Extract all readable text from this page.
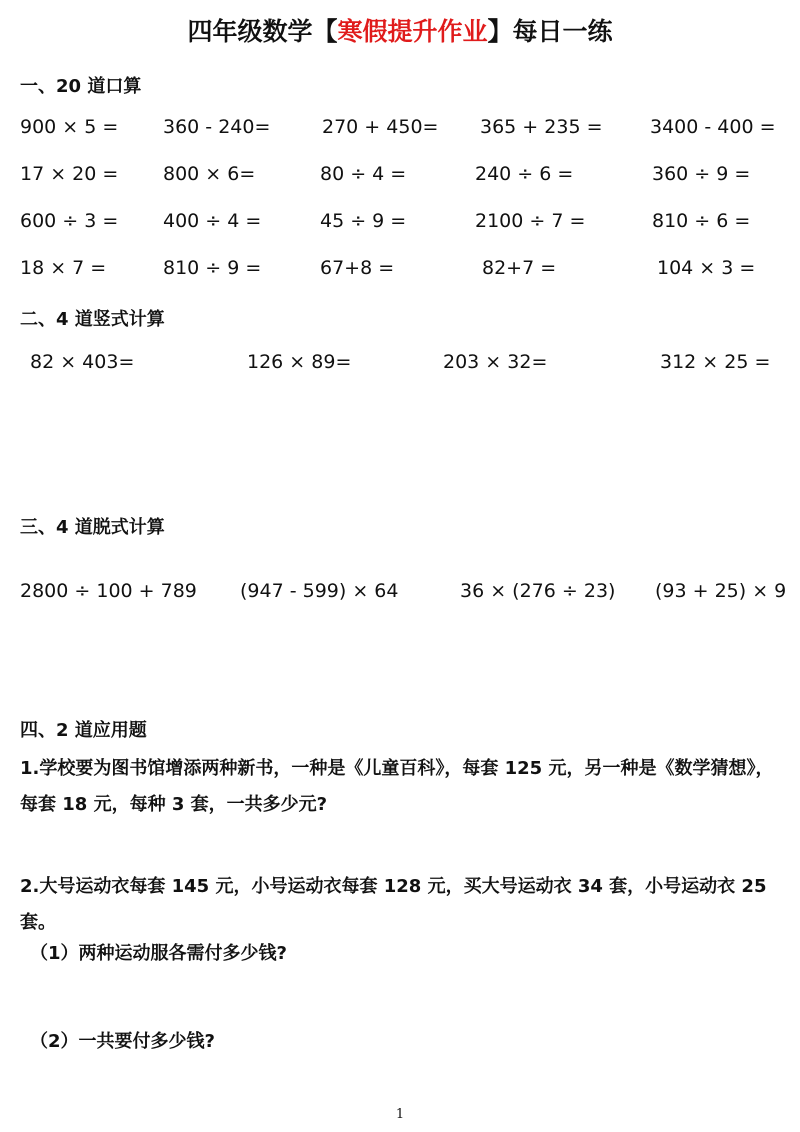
四年级数学【寒假提升作业】每日一练
一、20 道口算
900 × 5 = 360 - 240=	270 + 450= 365 + 235 =	3400 - 400 =
17 × 20 = 800 × 6=	80 ÷ 4 =	240 ÷ 6 =	360 ÷ 9 =
600 ÷ 3 = 400 ÷ 4 =	45 ÷ 9 =	2100 ÷ 7 =	810 ÷ 6 =
18 × 7 =	810 ÷ 9 =	67+8 =	82+7 =	104 × 3 =
二、4 道竖式计算
82 × 403=	126 × 89=	203 × 32=	312 × 25 =
三、4 道脱式计算
2800 ÷ 100 + 789 (947 - 599) × 64	36 × (276 ÷ 23) (93 + 25) × 9
四、2 道应用题
1.学校要为图书馆增添两种新书，一种是《儿童百科》，每套 125 元，另一种是《数学猜想》，每套 18 元，每种 3 套，一共多少元?
2.大号运动衣每套 145 元，小号运动衣每套 128 元，买大号运动衣 34 套，小号运动衣 25 套。
（1）两种运动服各需付多少钱?
（2）一共要付多少钱?
1
